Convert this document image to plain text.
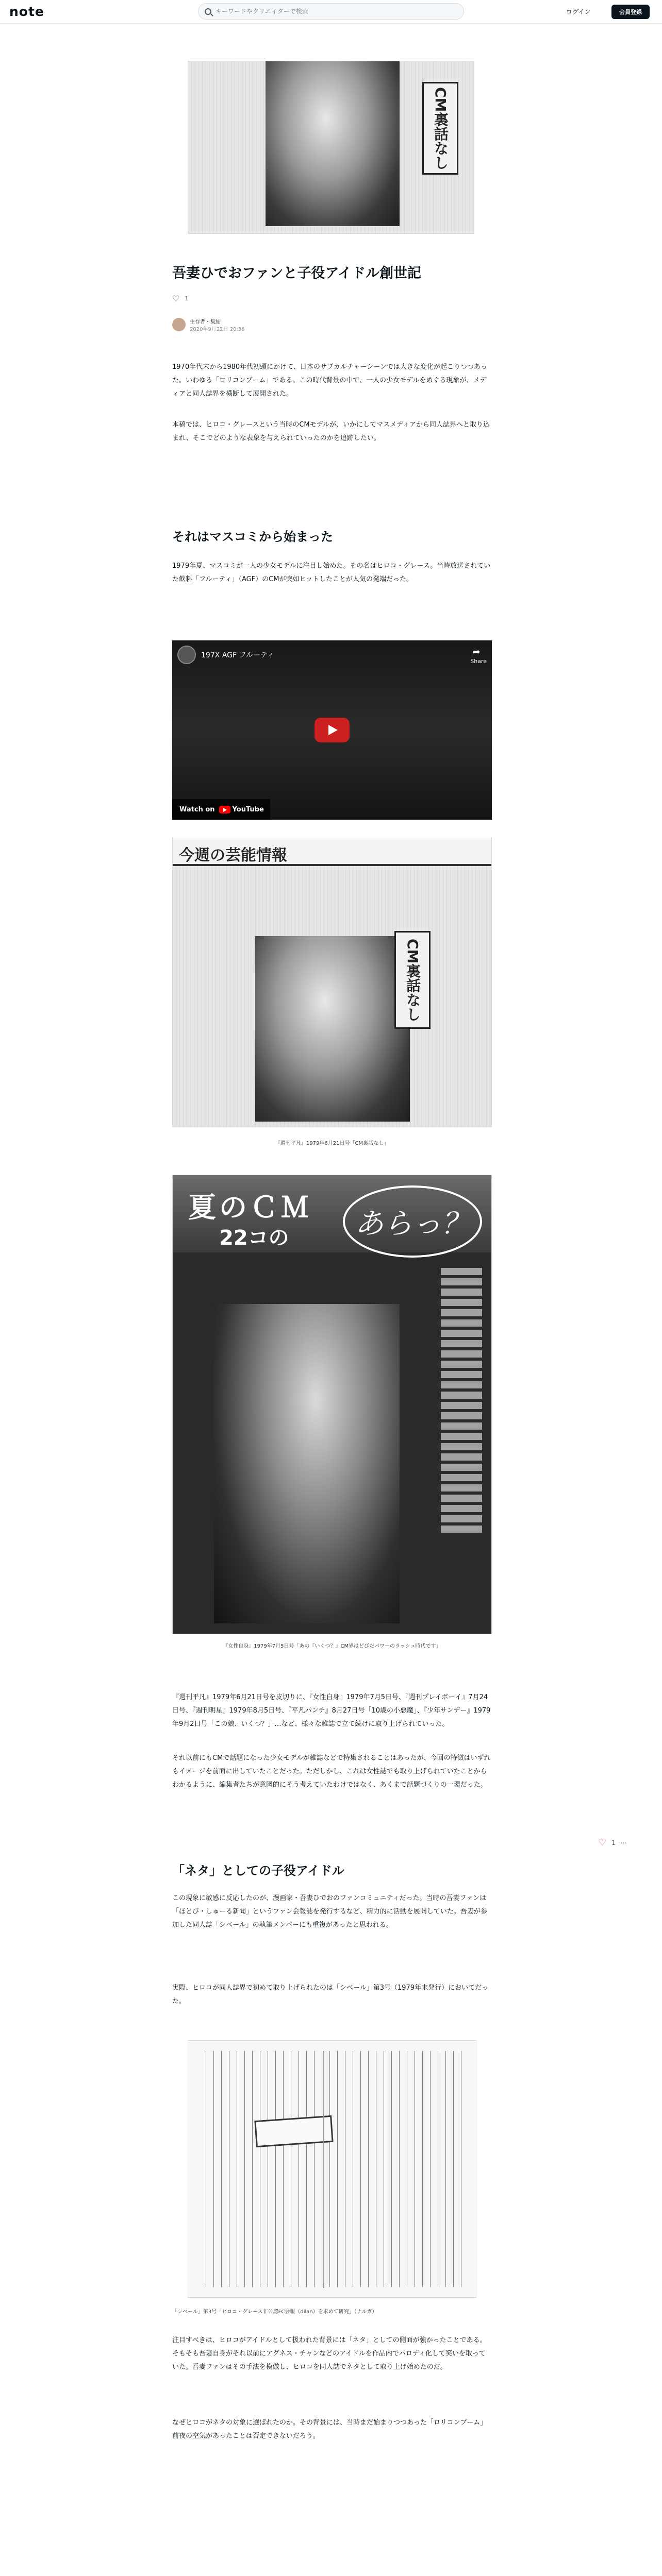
note
キーワードやクリエイターで検索	ログイン	会員登録
CM裏話なし
吾妻ひでおファンと子役アイドル創世記
♡ 1
生存者・集結
2020年9月22日 20:36
1970年代末から1980年代初頭にかけて、日本のサブカルチャーシーンでは大きな変化が起こりつつあった。いわゆる「ロリコンブーム」である。この時代背景の中で、一人の少女モデルをめぐる現象が、メディアと同人誌界を横断して展開された。
本稿では、ヒロコ・グレースという当時のCMモデルが、いかにしてマスメディアから同人誌界へと取り込まれ、そこでどのような表象を与えられていったのかを追跡したい。
それはマスコミから始まった
1979年夏、マスコミが一人の少女モデルに注目し始めた。その名はヒロコ・グレース。当時放送されていた飲料「フルーティ」（AGF）のCMが突如ヒットしたことが人気の発端だった。
197X AGF フルーティ	➦
Share
Watch on	YouTube
今週の芸能情報
CM裏話なし
『週刊平凡』1979年6月21日号「CM裏話なし」
夏のＣＭ
22コの	あらっ？
『女性自身』1979年7月5日号「あの『いくつ？』CM界はどびだパワーのラッシュ時代です」
『週刊平凡』1979年6月21日号を皮切りに、『女性自身』1979年7月5日号、『週刊プレイボーイ』7月24日号、『週刊明星』1979年8月5日号、『平凡パンチ』8月27日号「10歳の小悪魔」、『少年サンデー』1979年9月2日号「この娘、いくつ？」…など、様々な雑誌で立て続けに取り上げられていった。
それ以前にもCMで話題になった少女モデルが雑誌などで特集されることはあったが、今回の特徴はいずれもイメージを前面に出していたことだった。ただしかし、これは女性誌でも取り上げられていたことからわかるように、編集者たちが意図的にそう考えていたわけではなく、あくまで話題づくりの一環だった。
「ネタ」としての子役アイドル
この現象に敏感に反応したのが、漫画家・吾妻ひでおのファンコミュニティだった。当時の吾妻ファンは「ほとぴ・しゅーる新聞」というファン会報誌を発行するなど、精力的に活動を展開していた。吾妻が参加した同人誌「シベール」の執筆メンバーにも重複があったと思われる。
実際、ヒロコが同人誌界で初めて取り上げられたのは「シベール」第3号（1979年末発行）においてだった。
♡ 1 ⋯
「シベール」第3号「ヒロコ・グレース非公認FC会報（dilan）を求めて研究」（ナルガ）
注目すべきは、ヒロコがアイドルとして扱われた背景には「ネタ」としての側面が強かったことである。
そもそも吾妻自身がそれ以前にアグネス・チャンなどのアイドルを作品内でパロディ化して笑いを取っていた。吾妻ファンはその手法を模倣し、ヒロコを同人誌でネタとして取り上げ始めたのだ。
なぜヒロコがネタの対象に選ばれたのか。その背景には、当時まだ始まりつつあった「ロリコンブーム」前夜の空気があったことは否定できないだろう。
